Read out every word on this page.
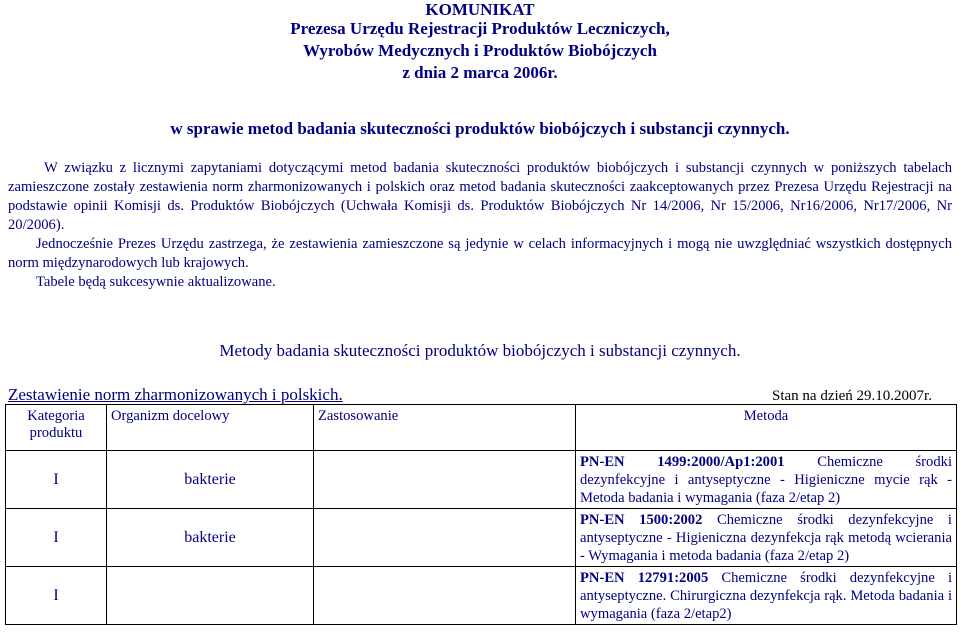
KOMUNIKAT
Prezesa Urzędu Rejestracji Produktów Leczniczych,
Wyrobów Medycznych i Produktów Biobójczych
z dnia 2 marca 2006r.
w sprawie metod badania skuteczności produktów biobójczych i substancji czynnych.

W związku z licznymi zapytaniami dotyczącymi metod badania skuteczności produktów biobójczych i substancji czynnych w poniższych tabelach zamieszczone zostały zestawienia norm zharmonizowanych i polskich oraz metod badania skuteczności zaakceptowanych przez Prezesa Urzędu Rejestracji na podstawie opinii Komisji ds. Produktów Biobójczych (Uchwała Komisji ds. Produktów Biobójczych Nr 14/2006, Nr 15/2006, Nr16/2006, Nr17/2006, Nr 20/2006).

Jednocześnie Prezes Urzędu zastrzega, że zestawienia zamieszczone są jedynie w celach informacyjnych i mogą nie uwzględniać wszystkich dostępnych norm międzynarodowych lub krajowych.

Tabele będą sukcesywnie aktualizowane.

Metody badania skuteczności produktów biobójczych i substancji czynnych.
Zestawienie norm zharmonizowanych i polskich.	Stan na dzień 29.10.2007r.
Kategoria produktu	Organizm docelowy	Zastosowanie	Metoda
I	bakterie		PN-EN 1499:2000/Ap1:2001 Chemiczne środki dezynfekcyjne i antyseptyczne - Higieniczne mycie rąk - Metoda badania i wymagania (faza 2/etap 2)
I	bakterie		PN-EN 1500:2002 Chemiczne środki dezynfekcyjne i antyseptyczne - Higieniczna dezynfekcja rąk metodą wcierania - Wymagania i metoda badania (faza 2/etap 2)
I			PN-EN 12791:2005 Chemiczne środki dezynfekcyjne i antyseptyczne. Chirurgiczna dezynfekcja rąk. Metoda badania i wymagania (faza 2/etap2)
